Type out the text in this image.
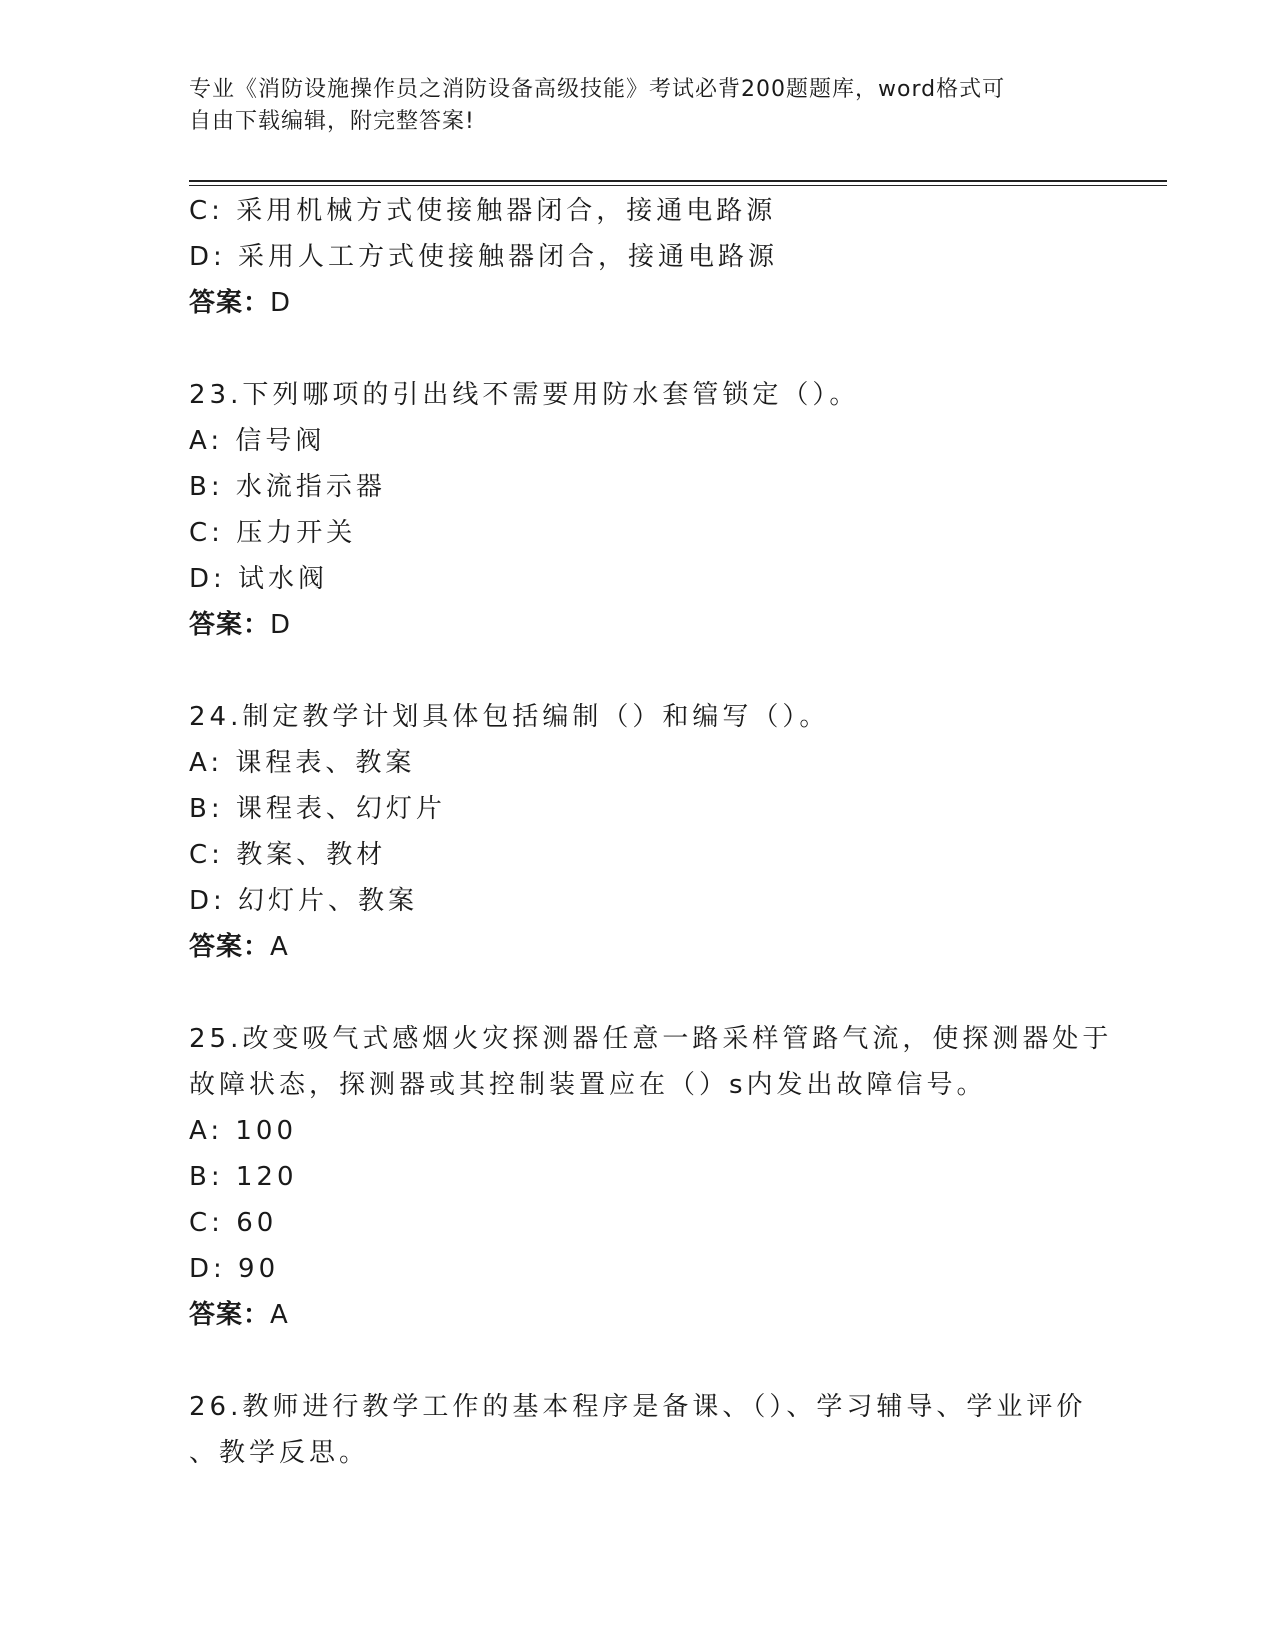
专业《消防设施操作员之消防设备高级技能》考试必背200题题库，word格式可
自由下载编辑，附完整答案!
C: 采用机械方式使接触器闭合，接通电路源
D: 采用人工方式使接触器闭合，接通电路源
答案：D
23.下列哪项的引出线不需要用防水套管锁定（）。
A: 信号阀
B: 水流指示器
C: 压力开关
D: 试水阀
答案：D
24.制定教学计划具体包括编制（）和编写（）。
A: 课程表、教案
B: 课程表、幻灯片
C: 教案、教材
D: 幻灯片、教案
答案：A
25.改变吸气式感烟火灾探测器任意一路采样管路气流，使探测器处于
故障状态，探测器或其控制装置应在（）s内发出故障信号。
A: 100
B: 120
C: 60
D: 90
答案：A
26.教师进行教学工作的基本程序是备课、（）、学习辅导、学业评价
、教学反思。
